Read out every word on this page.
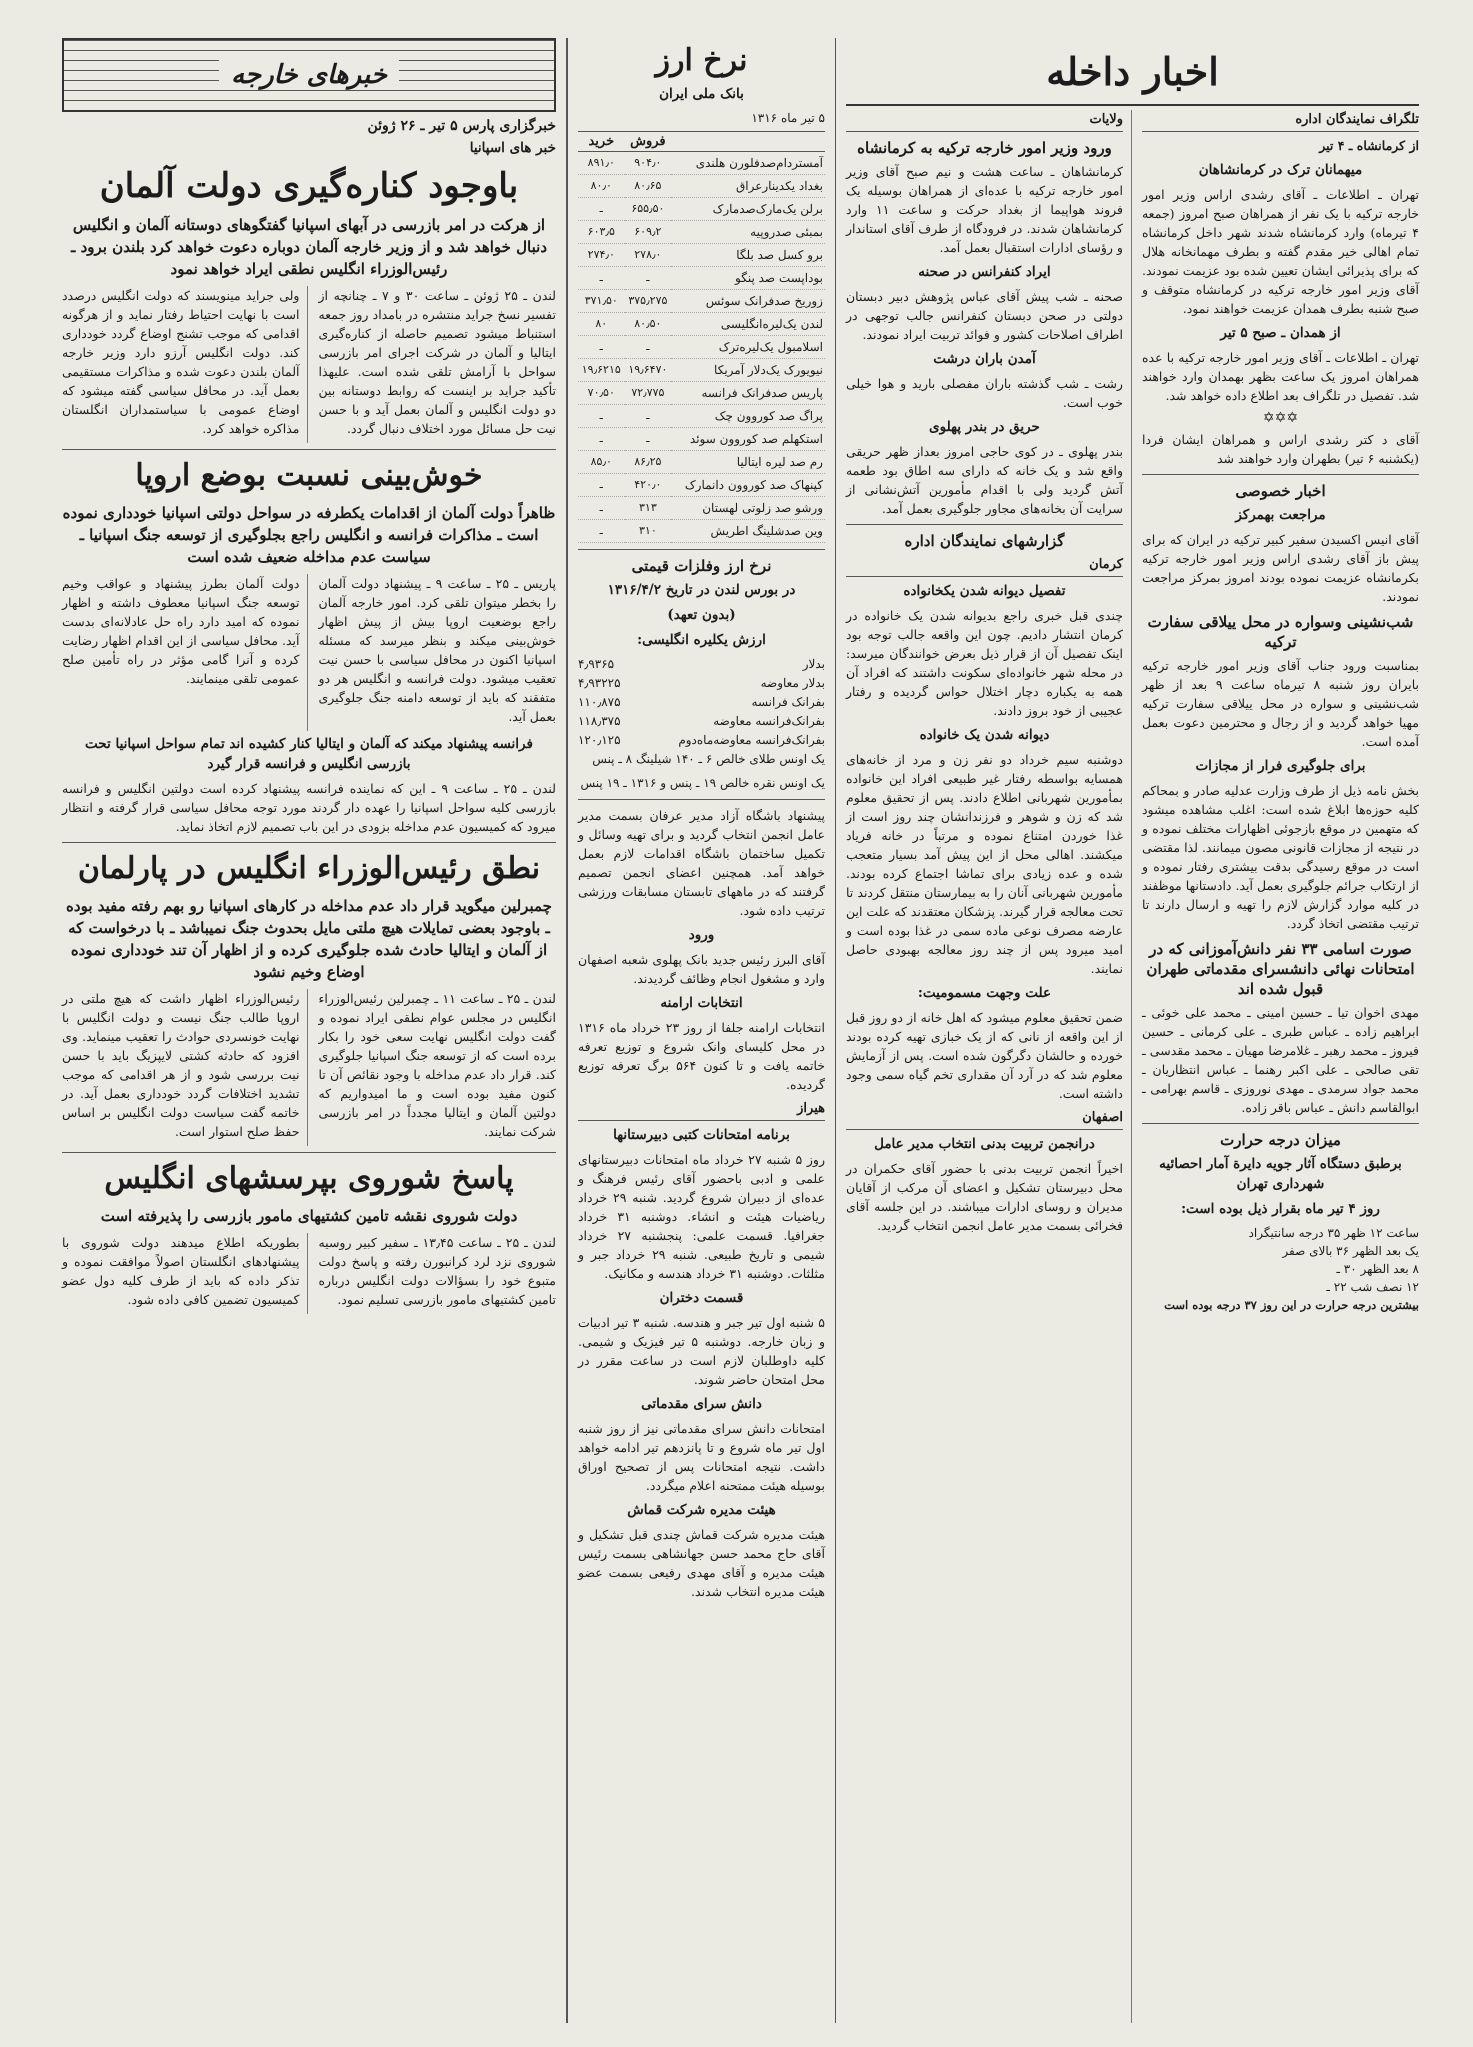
اخبار داخله
تلگراف نمایندگان اداره

از کرمانشاه ـ ۴ تیر

میهمانان ترک در کرمانشاهان

تهران ـ اطلاعات ـ آقای رشدی اراس وزیر امور خارجه ترکیه با یک نفر از همراهان صبح امروز (جمعه ۴ تیرماه) وارد کرمانشاه شدند شهر داخل کرمانشاه تمام اهالی خیر مقدم گفته و بطرف مهمانخانه هلال که برای پذیرائی ایشان تعیین شده بود عزیمت نمودند. آقای وزیر امور خارجه ترکیه در کرمانشاه متوقف و صبح شنبه بطرف همدان عزیمت خواهند نمود.

از همدان ـ صبح ۵ تیر

تهران ـ اطلاعات ـ آقای وزیر امور خارجه ترکیه با عده همراهان امروز یک ساعت بظهر بهمدان وارد خواهند شد. تفصیل در تلگراف بعد اطلاع داده خواهد شد.

✡✡✡

آقای د کتر رشدی اراس و همراهان ایشان فردا (یکشنبه ۶ تیر) بطهران وارد خواهند شد

اخبار خصوصی
مراجعت بهمرکز

آقای انیس اکسیدن سفیر کبیر ترکیه در ایران که برای پیش باز آقای رشدی اراس وزیر امور خارجه ترکیه بکرمانشاه عزیمت نموده بودند امروز بمرکز مراجعت نمودند.

شب‌نشینی وسواره در محل ییلاقی سفارت ترکیه

بمناسبت ورود جناب آقای وزیر امور خارجه ترکیه بایران روز شنبه ۸ تیرماه ساعت ۹ بعد از ظهر شب‌نشینی و سواره در محل ییلاقی سفارت ترکیه مهیا خواهد گردید و از رجال و محترمین دعوت بعمل آمده است.

برای جلوگیری فرار از مجازات

بخش نامه ذیل از طرف وزارت عدلیه صادر و بمحاکم کلیه حوزه‌ها ابلاغ شده است: اغلب مشاهده میشود که متهمین در موقع بازجوئی اظهارات مختلف نموده و در نتیجه از مجازات قانونی مصون میمانند. لذا مقتضی است در موقع رسیدگی بدقت بیشتری رفتار نموده و از ارتکاب جرائم جلوگیری بعمل آید. دادستانها موظفند در کلیه موارد گزارش لازم را تهیه و ارسال دارند تا ترتیب مقتضی اتخاذ گردد.

صورت اسامی ۳۳ نفر دانش‌آموزانی که در امتحانات نهائی دانشسرای مقدماتی طهران قبول شده اند

مهدی اخوان تیا ـ حسین امینی ـ محمد علی خوئی ـ ابراهیم زاده ـ عباس طبری ـ علی کرمانی ـ حسین فیروز ـ محمد رهبر ـ غلامرضا مهیان ـ محمد مقدسی ـ تقی صالحی ـ علی اکبر رهنما ـ عباس انتظاریان ـ محمد جواد سرمدی ـ مهدی نوروزی ـ قاسم بهرامی ـ ابوالقاسم دانش ـ عباس باقر زاده.

میزان درجه حرارت
برطبق دستگاه آثار جویه دایرة آمار احصائیه شهرداری تهران
روز ۴ تیر ماه بقرار ذیل بوده است:
ساعت ۱۲ ظهر ۳۵ درجه سانتیگراد
یک بعد الظهر ۳۶ بالای صفر
۸ بعد الظهر ۳۰ ـ
۱۲ نصف شب ۲۲ ـ

بیشترین درجه حرارت در این روز ۳۷ درجه بوده است

ولایات
ورود وزیر امور خارجه ترکیه به کرمانشاه

کرمانشاهان ـ ساعت هشت و نیم صبح آقای وزیر امور خارجه ترکیه با عده‌ای از همراهان بوسیله یک فروند هواپیما از بغداد حرکت و ساعت ۱۱ وارد کرمانشاهان شدند. در فرودگاه از طرف آقای استاندار و رؤسای ادارات استقبال بعمل آمد.

ایراد کنفرانس در صحنه

صحنه ـ شب پیش آقای عباس پژوهش دبیر دبستان دولتی در صحن دبستان کنفرانس جالب توجهی در اطراف اصلاحات کشور و فوائد تربیت ایراد نمودند.

آمدن باران درشت

رشت ـ شب گذشته باران مفصلی بارید و هوا خیلی خوب است.

حریق در بندر پهلوی

بندر پهلوی ـ در کوی حاجی امروز بعداز ظهر حریقی واقع شد و یک خانه که دارای سه اطاق بود طعمه آتش گردید ولی با اقدام مأمورین آتش‌نشانی از سرایت آن بخانه‌های مجاور جلوگیری بعمل آمد.

گزارشهای نمایندگان اداره
کرمان
تفصیل دیوانه شدن یکخانواده

چندی قبل خبری راجع بدیوانه شدن یک خانواده در کرمان انتشار دادیم. چون این واقعه جالب توجه بود اینک تفصیل آن از قرار ذیل بعرض خوانندگان میرسد: در محله شهر خانواده‌ای سکونت داشتند که افراد آن همه به یکباره دچار اختلال حواس گردیده و رفتار عجیبی از خود بروز دادند.

دیوانه شدن یک خانواده

دوشنبه سیم خرداد دو نفر زن و مرد از خانه‌های همسایه بواسطه رفتار غیر طبیعی افراد این خانواده بمأمورین شهربانی اطلاع دادند. پس از تحقیق معلوم شد که زن و شوهر و فرزندانشان چند روز است از غذا خوردن امتناع نموده و مرتباً در خانه فریاد میکشند. اهالی محل از این پیش آمد بسیار متعجب شده و عده زیادی برای تماشا اجتماع کرده بودند. مأمورین شهربانی آنان را به بیمارستان منتقل کردند تا تحت معالجه قرار گیرند. پزشکان معتقدند که علت این عارضه مصرف نوعی ماده سمی در غذا بوده است و امید میرود پس از چند روز معالجه بهبودی حاصل نمایند.

علت وجهت مسمومیت:

ضمن تحقیق معلوم میشود که اهل خانه از دو روز قبل از این واقعه از نانی که از یک خبازی تهیه کرده بودند خورده و حالشان دگرگون شده است. پس از آزمایش معلوم شد که در آرد آن مقداری تخم گیاه سمی وجود داشته است.

اصفهان
درانجمن تربیت بدنی انتخاب مدیر عامل

اخیراً انجمن تربیت بدنی با حضور آقای حکمران در محل دبیرستان تشکیل و اعضای آن مرکب از آقایان مدیران و روسای ادارات میباشند. در این جلسه آقای فخرائی بسمت مدیر عامل انجمن انتخاب گردید.

نرخ ارز
بانک ملی ایران
۵ تیر ماه ۱۳۱۶
	فروش	خرید
آمستردام‌صدفلورن هلندی	۹۰۴٫۰	۸۹۱٫۰
بغداد یکدینارعراق	۸۰٫۶۵	۸۰٫۰
برلن یک‌مارک‌صدمارک	۶۵۵٫۵۰	ـ
بمبئی صدروپیه	۶۰۹٫۲	۶۰۳٫۵
برو کسل صد بلگا	۲۷۸٫۰	۲۷۴٫۰
بوداپست صد پنگو	ـ	ـ
زوریخ صدفرانک سوئس	۳۷۵٫۲۷۵	۳۷۱٫۵۰
لندن یک‌لیره‌انگلیسی	۸۰٫۵۰	۸۰
اسلامبول یک‌لیره‌ترک	ـ	ـ
نیویورک یک‌دلار آمریکا	۱۹٫۶۴۷۰	۱۹٫۶۲۱۵
پاریس صدفرانک فرانسه	۷۲٫۷۷۵	۷۰٫۵۰
پراگ صد کوروون چک	ـ	ـ
استکهلم صد کوروون سوئد	ـ	ـ
رم صد لیره ایتالیا	۸۶٫۲۵	۸۵٫۰
کپنهاک صد کوروون دانمارک	۴۲۰٫۰	ـ
ورشو صد زلوتی لهستان	۳۱۳	ـ
وین صدشلینگ اطریش	۳۱۰	ـ
نرخ ارز وفلزات قیمتی
در بورس لندن در تاریخ ۱۳۱۶/۴/۲
(بدون تعهد)
ارزش یکلیره انگلیسی:
بدلار
۴٫۹۳۶۵
بدلار معاوضه
۴٫۹۳۲۲۵
بفرانک فرانسه
۱۱۰٫۸۷۵
بفرانک‌فرانسه معاوضه
۱۱۸٫۳۷۵
بفرانک‌فرانسه معاوضه‌ماه‌دوم
۱۲۰٫۱۲۵

یک اونس طلای خالص ۶ ـ ۱۴۰ شیلینگ ۸ ـ پنس

یک اونس نقره خالص ۱۹ ـ پنس و ۱۳۱۶ ـ ۱۹ پنس

پیشنهاد باشگاه آزاد مدیر عرفان بسمت مدیر عامل انجمن انتخاب گردید و برای تهیه وسائل و تکمیل ساختمان باشگاه اقدامات لازم بعمل خواهد آمد. همچنین اعضای انجمن تصمیم گرفتند که در ماههای تابستان مسابقات ورزشی ترتیب داده شود.

ورود

آقای البرز رئیس جدید بانک پهلوی شعبه اصفهان وارد و مشغول انجام وظائف گردیدند.

انتخابات ارامنه

انتخابات ارامنه جلفا از روز ۲۳ خرداد ماه ۱۳۱۶ در محل کلیسای وانک شروع و توزیع تعرفه خاتمه یافت و تا کنون ۵۶۴ برگ تعرفه توزیع گردیده.

هیراز
برنامه امتحانات کتبی دبیرستانها

روز ۵ شنبه ۲۷ خرداد ماه امتحانات دبیرستانهای علمی و ادبی باحضور آقای رئیس فرهنگ و عده‌ای از دبیران شروع گردید. شنبه ۲۹ خرداد ریاضیات هیئت و انشاء. دوشنبه ۳۱ خرداد جغرافیا. قسمت علمی: پنجشنبه ۲۷ خرداد شیمی و تاریخ طبیعی. شنبه ۲۹ خرداد جبر و مثلثات. دوشنبه ۳۱ خرداد هندسه و مکانیک.

قسمت دختران

۵ شنبه اول تیر جبر و هندسه. شنبه ۳ تیر ادبیات و زبان خارجه. دوشنبه ۵ تیر فیزیک و شیمی. کلیه داوطلبان لازم است در ساعت مقرر در محل امتحان حاضر شوند.

دانش سرای مقدماتی

امتحانات دانش سرای مقدماتی نیز از روز شنبه اول تیر ماه شروع و تا پانزدهم تیر ادامه خواهد داشت. نتیجه امتحانات پس از تصحیح اوراق بوسیله هیئت ممتحنه اعلام میگردد.

هیئت مدیره شرکت قماش

هیئت مدیره شرکت قماش چندی قبل تشکیل و آقای حاج محمد حسن جهانشاهی بسمت رئیس هیئت مدیره و آقای مهدی رفیعی بسمت عضو هیئت مدیره انتخاب شدند.

خبرهای خارجه
خبرگزاری پارس ۵ تیر ـ ۲۶ ژوئن
خبر های اسپانیا
باوجود کناره‌گیری دولت آلمان
از هرکت در امر بازرسی در آبهای اسپانیا گفتگوهای دوستانه آلمان و انگلیس دنبال خواهد شد و از وزیر خارجه آلمان دوباره دعوت خواهد کرد بلندن برود ـ رئیس‌الوزراء انگلیس نطقی ایراد خواهد نمود

لندن ـ ۲۵ ژوئن ـ ساعت ۳۰ و ۷ ـ چنانچه از تفسیر نسخ جراید منتشره در بامداد روز جمعه استنباط میشود تصمیم حاصله از کناره‌گیری ایتالیا و آلمان در شرکت اجرای امر بازرسی سواحل با آرامش تلقی شده است. علیهذا تأکید جراید بر اینست که روابط دوستانه بین دو دولت انگلیس و آلمان بعمل آید و با حسن نیت حل مسائل مورد اختلاف دنبال گردد.

ولی جراید مینویسند که دولت انگلیس درصدد است با نهایت احتیاط رفتار نماید و از هرگونه اقدامی که موجب تشنج اوضاع گردد خودداری کند. دولت انگلیس آرزو دارد وزیر خارجه آلمان بلندن دعوت شده و مذاکرات مستقیمی بعمل آید. در محافل سیاسی گفته میشود که اوضاع عمومی با سیاستمداران انگلستان مذاکره خواهد کرد.

خوش‌بینی نسبت بوضع اروپا
ظاهراً دولت آلمان از اقدامات یکطرفه در سواحل دولتی اسپانیا خودداری نموده است ـ مذاکرات فرانسه و انگلیس راجع بجلوگیری از توسعه جنگ اسپانیا ـ سیاست عدم مداخله ضعیف شده است

پاریس ـ ۲۵ ـ ساعت ۹ ـ پیشنهاد دولت آلمان را بخطر میتوان تلقی کرد. امور خارجه آلمان راجع بوضعیت اروپا بیش از پیش اظهار خوش‌بینی میکند و بنظر میرسد که مسئله اسپانیا اکنون در محافل سیاسی با حسن نیت تعقیب میشود. دولت فرانسه و انگلیس هر دو متفقند که باید از توسعه دامنه جنگ جلوگیری بعمل آید.

دولت آلمان بطرز پیشنهاد و عواقب وخیم توسعه جنگ اسپانیا معطوف داشته و اظهار نموده که امید دارد راه حل عادلانه‌ای بدست آید. محافل سیاسی از این اقدام اظهار رضایت کرده و آنرا گامی مؤثر در راه تأمین صلح عمومی تلقی مینمایند.

فرانسه پیشنهاد میکند که آلمان و ایتالیا کنار کشیده اند تمام سواحل اسپانیا تحت بازرسی انگلیس و فرانسه قرار گیرد

لندن ـ ۲۵ ـ ساعت ۹ ـ این که نماینده فرانسه پیشنهاد کرده است دولتین انگلیس و فرانسه بازرسی کلیه سواحل اسپانیا را عهده دار گردند مورد توجه محافل سیاسی قرار گرفته و انتظار میرود که کمیسیون عدم مداخله بزودی در این باب تصمیم لازم اتخاذ نماید.

نطق رئیس‌الوزراء انگلیس در پارلمان
چمبرلین میگوید قرار داد عدم مداخله در کارهای اسپانیا رو بهم رفته مفید بوده ـ باوجود بعضی تمایلات هیچ ملتی مایل بحدوث جنگ نمیباشد ـ با درخواست که از آلمان و ایتالیا حادث شده جلوگیری کرده و از اظهار آن تند خودداری نموده اوضاع وخیم نشود

لندن ـ ۲۵ ـ ساعت ۱۱ ـ چمبرلین رئیس‌الوزراء انگلیس در مجلس عوام نطقی ایراد نموده و گفت دولت انگلیس نهایت سعی خود را بکار برده است که از توسعه جنگ اسپانیا جلوگیری کند. قرار داد عدم مداخله با وجود نقائص آن تا کنون مفید بوده است و ما امیدواریم که دولتین آلمان و ایتالیا مجدداً در امر بازرسی شرکت نمایند.

رئیس‌الوزراء اظهار داشت که هیچ ملتی در اروپا طالب جنگ نیست و دولت انگلیس با نهایت خونسردی حوادث را تعقیب مینماید. وی افزود که حادثه کشتی لایپزیگ باید با حسن نیت بررسی شود و از هر اقدامی که موجب تشدید اختلافات گردد خودداری بعمل آید. در خاتمه گفت سیاست دولت انگلیس بر اساس حفظ صلح استوار است.

پاسخ شوروی بپرسشهای انگلیس
دولت شوروی نقشه تامین کشتیهای مامور بازرسی را پذیرفته است

لندن ـ ۲۵ ـ ساعت ۱۳٫۴۵ ـ سفیر کبیر روسیه شوروی نزد لرد کرانبورن رفته و پاسخ دولت متبوع خود را بسؤالات دولت انگلیس درباره تامین کشتیهای مامور بازرسی تسلیم نمود.

بطوریکه اطلاع میدهند دولت شوروی با پیشنهادهای انگلستان اصولاً موافقت نموده و تذکر داده که باید از طرف کلیه دول عضو کمیسیون تضمین کافی داده شود.
